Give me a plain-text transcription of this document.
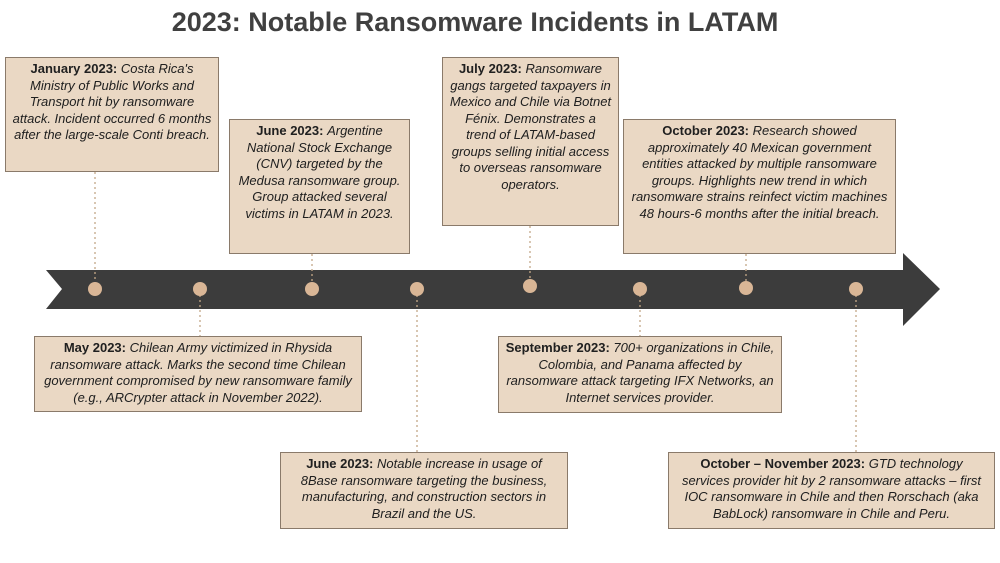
2023: Notable Ransomware Incidents in LATAM
January 2023: Costa Rica's Ministry of Public Works and Transport hit by ransomware attack. Incident occurred 6 months after the large-scale Conti breach.
May 2023: Chilean Army victimized in Rhysida ransomware attack. Marks the second time Chilean government compromised by new ransomware family (e.g., ARCrypter attack in November 2022).
June 2023: Argentine National Stock Exchange (CNV) targeted by the Medusa ransomware group. Group attacked several victims in LATAM in 2023.
June 2023: Notable increase in usage of 8Base ransomware targeting the business, manufacturing, and construction sectors in Brazil and the US.
July 2023: Ransomware gangs targeted taxpayers in Mexico and Chile via Botnet Fénix. Demonstrates a trend of LATAM-based groups selling initial access to overseas ransomware operators.
September 2023: 700+ organizations in Chile, Colombia, and Panama affected by ransomware attack targeting IFX Networks, an Internet services provider.
October 2023: Research showed approximately 40 Mexican government entities attacked by multiple ransomware groups. Highlights new trend in which ransomware strains reinfect victim machines 48 hours-6 months after the initial breach.
October – November 2023: GTD technology services provider hit by 2 ransomware attacks – first IOC ransomware in Chile and then Rorschach (aka BabLock) ransomware in Chile and Peru.
